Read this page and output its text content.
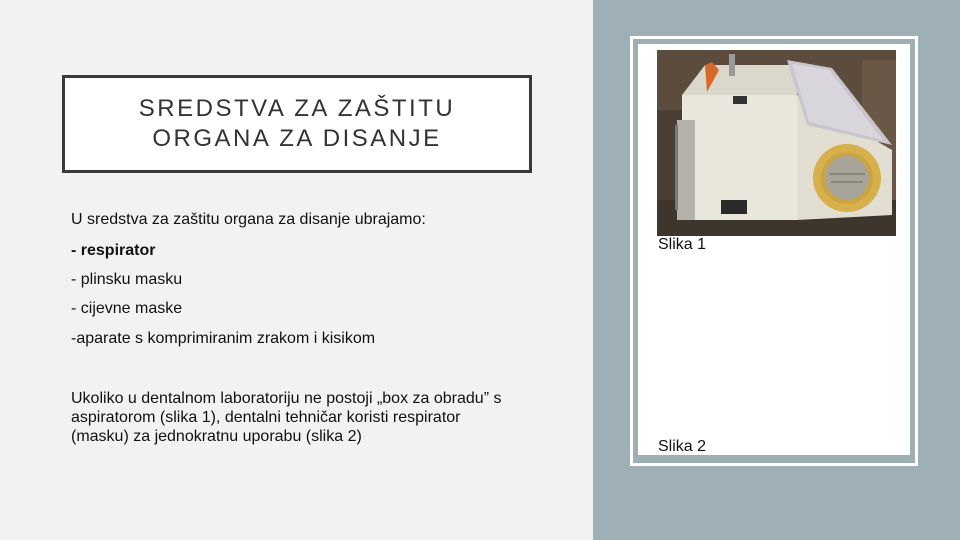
SREDSTVA ZA ZAŠTITU
ORGANA ZA DISANJE
U sredstva za zaštitu organa za disanje ubrajamo:
- respirator
- plinsku masku
- cijevne maske
-aparate s komprimiranim zrakom i kisikom
Ukoliko u dentalnom laboratoriju ne postoji „box za obradu” s aspiratorom (slika 1), dentalni tehničar koristi respirator (masku) za jednokratnu uporabu (slika 2)
Slika 1
Slika 2
